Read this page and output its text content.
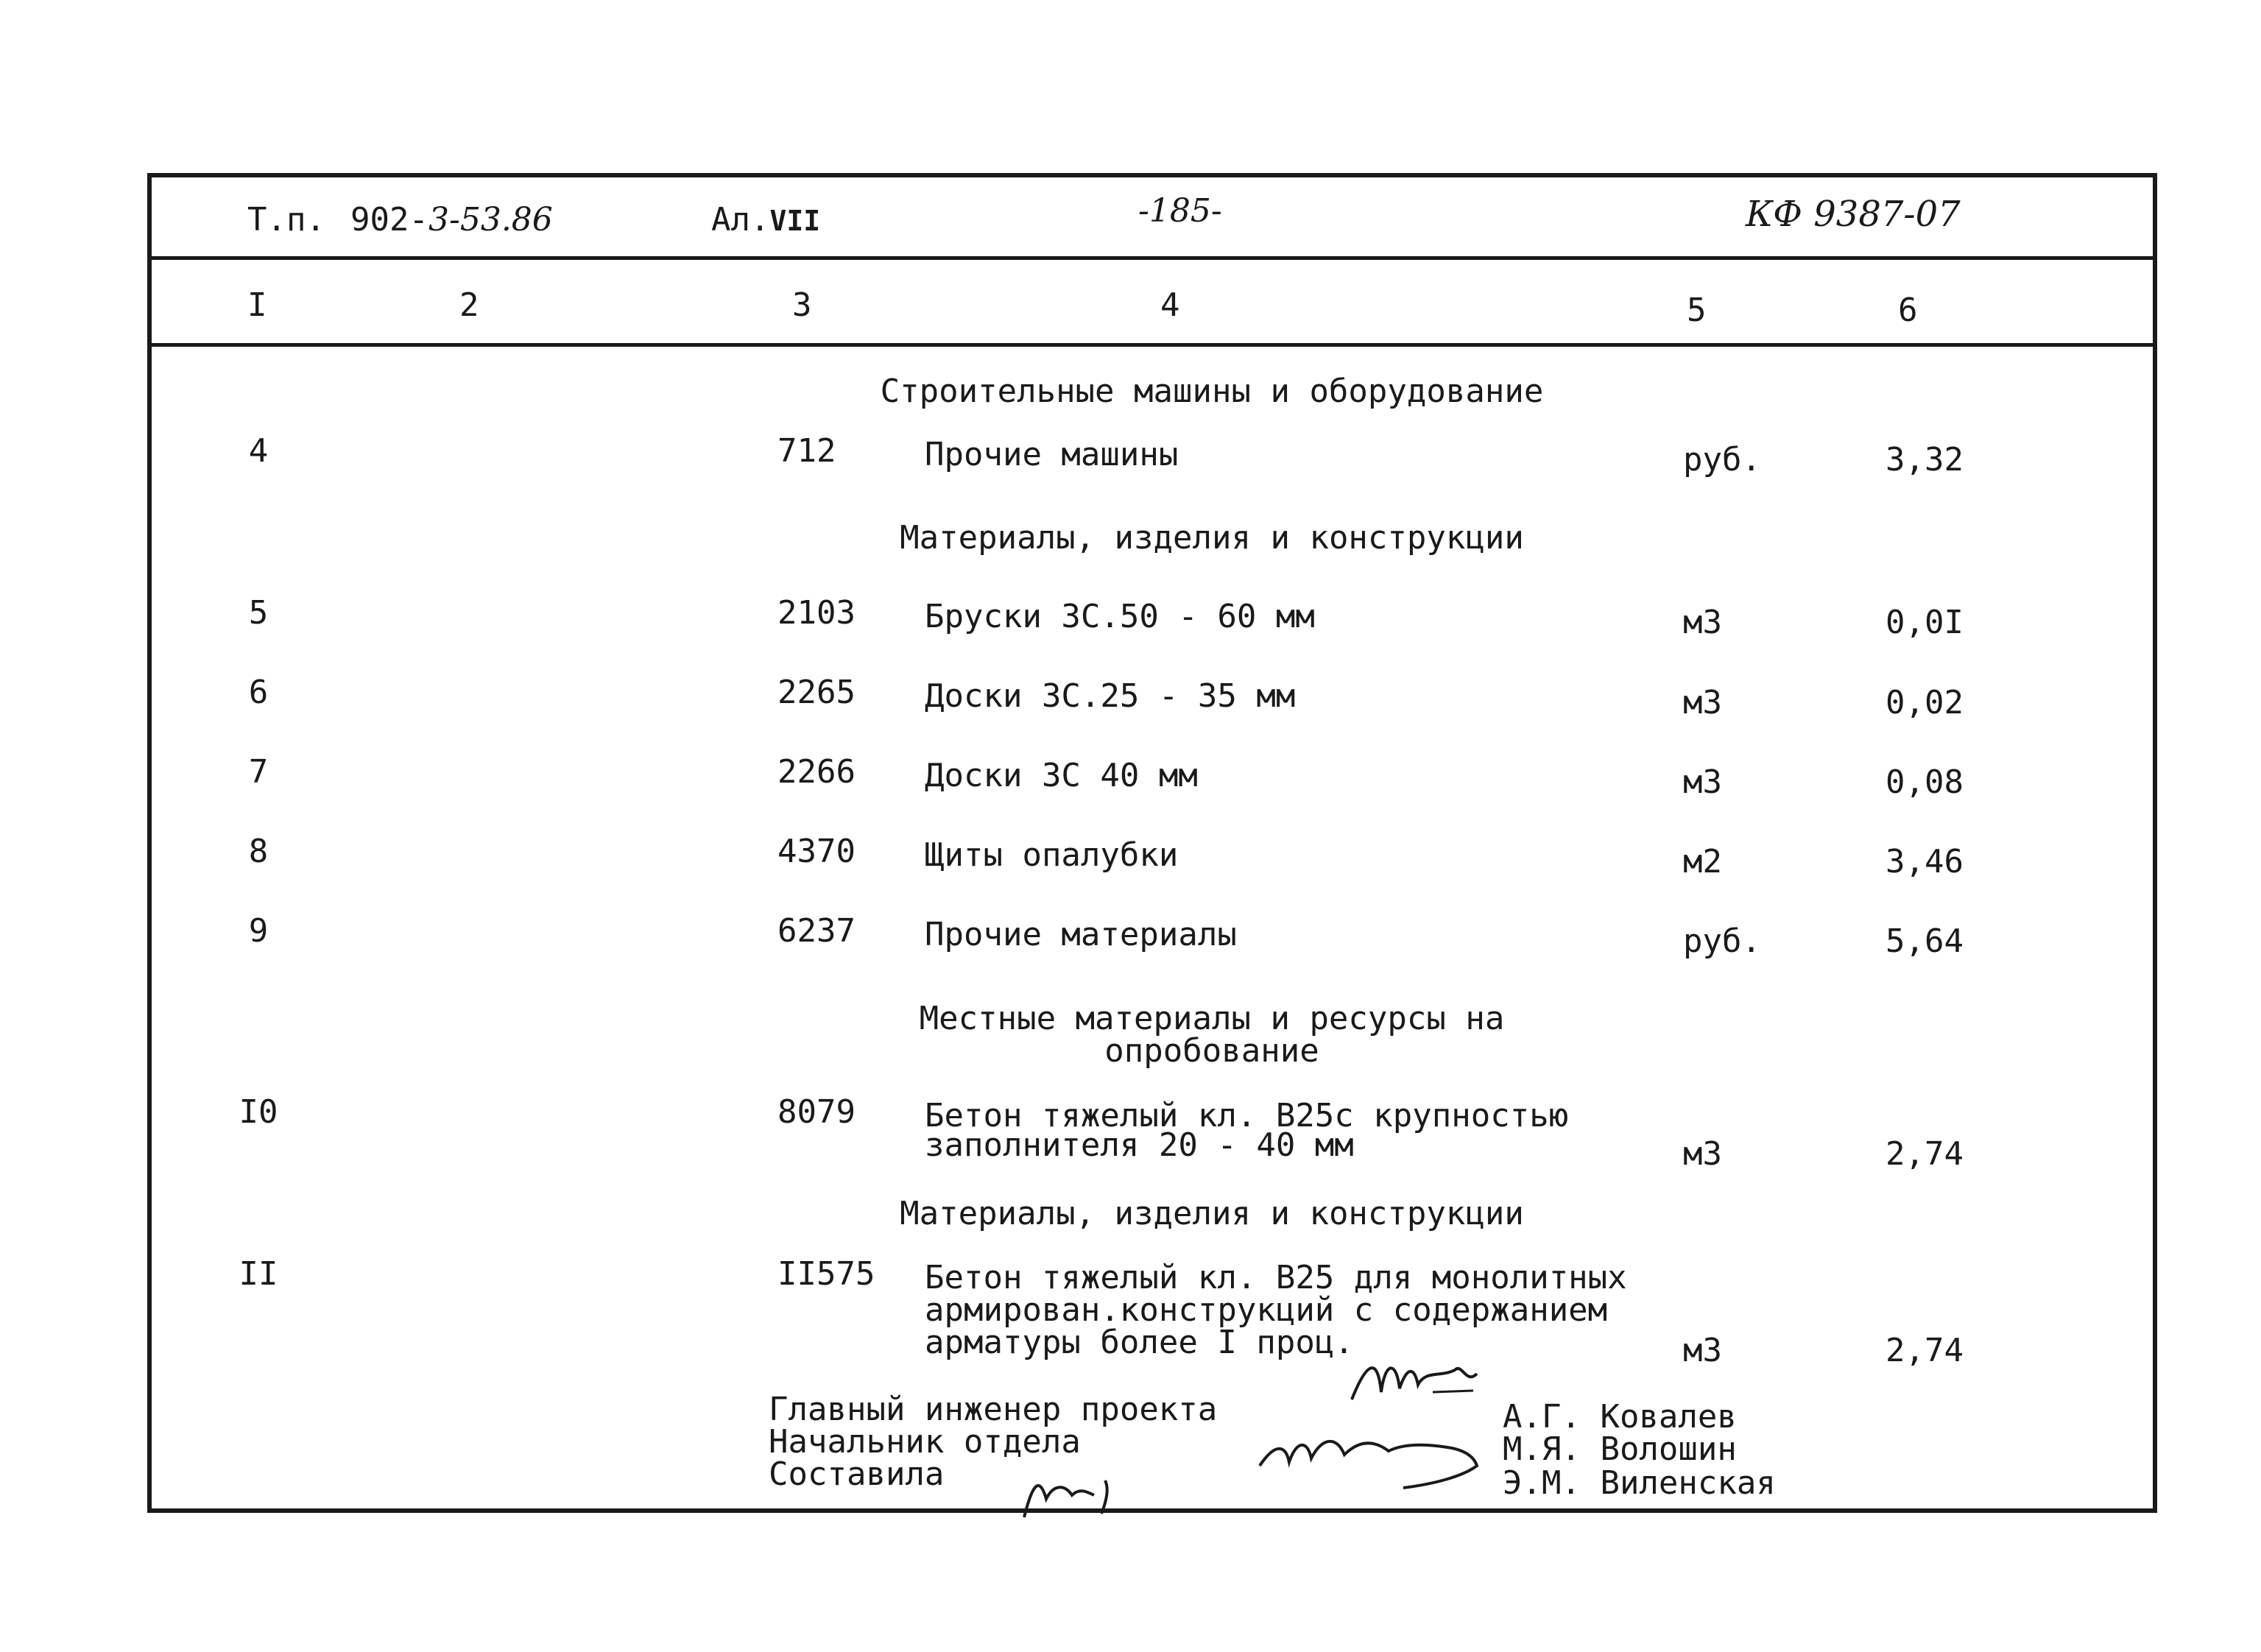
Т.п. 902-3-53.86	Ал.VII	-185-	КФ 9387-07
I	2	3	4	5	6
Строительные машины и оборудование
4	712	Прочие машины	руб.	3,32
Материалы, изделия и конструкции
5	2103 Бруски 3С.50 - 60 мм	м3	0,0I
6	2265 Доски 3С.25 - 35 мм	м3	0,02
7	2266 Доски 3С 40 мм	м3	0,08
8	4370 Щиты опалубки	м2	3,46
9	6237 Прочие материалы	руб.	5,64
Местные материалы и ресурсы на
опробование
I0	8079 Бетон тяжелый кл. В25с крупностью
заполнителя 20 - 40 мм	м3	2,74
Материалы, изделия и конструкции
II	II575 Бетон тяжелый кл. В25 для монолитных
армирован.конструкций с содержанием
арматуры более I проц.	м3	2,74
Главный инженер проекта
Начальник отдела
Составила
А.Г. Ковалев
М.Я. Волошин
Э.М. Виленская
